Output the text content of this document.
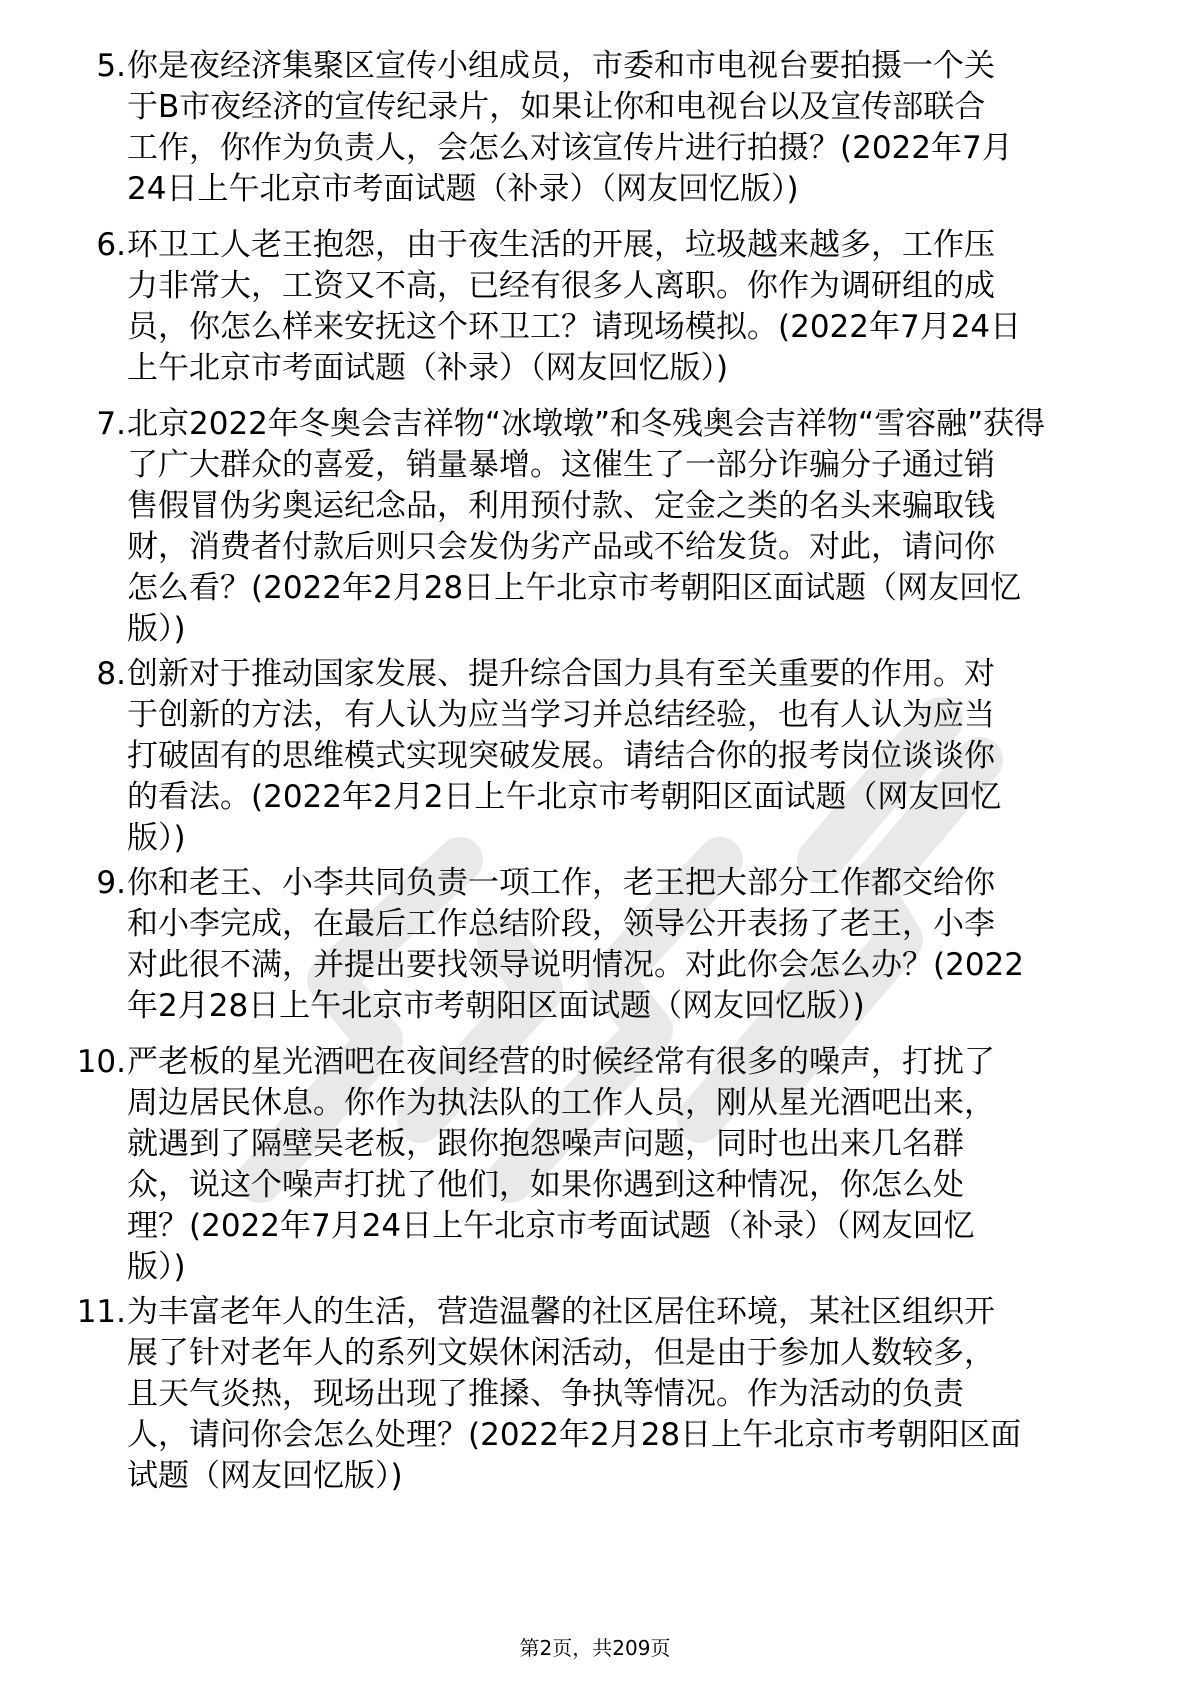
5. 你是夜经济集聚区宣传小组成员，市委和市电视台要拍摄一个关
于B市夜经济的宣传纪录片，如果让你和电视台以及宣传部联合
工作，你作为负责人，会怎么对该宣传片进行拍摄？(2022年7月
24日上午北京市考面试题（补录）（网友回忆版）)
6. 环卫工人老王抱怨，由于夜生活的开展，垃圾越来越多，工作压
力非常大，工资又不高，已经有很多人离职。你作为调研组的成
员，你怎么样来安抚这个环卫工？请现场模拟。(2022年7月24日
上午北京市考面试题（补录）（网友回忆版）)
7. 北京2022年冬奥会吉祥物“冰墩墩”和冬残奥会吉祥物“雪容融”获得
了广大群众的喜爱，销量暴增。这催生了一部分诈骗分子通过销
售假冒伪劣奥运纪念品，利用预付款、定金之类的名头来骗取钱
财，消费者付款后则只会发伪劣产品或不给发货。对此，请问你
怎么看？(2022年2月28日上午北京市考朝阳区面试题（网友回忆
版）)
8. 创新对于推动国家发展、提升综合国力具有至关重要的作用。对
于创新的方法，有人认为应当学习并总结经验，也有人认为应当
打破固有的思维模式实现突破发展。请结合你的报考岗位谈谈你
的看法。(2022年2月2日上午北京市考朝阳区面试题（网友回忆
版）)
9. 你和老王、小李共同负责一项工作，老王把大部分工作都交给你
和小李完成，在最后工作总结阶段，领导公开表扬了老王，小李
对此很不满，并提出要找领导说明情况。对此你会怎么办？(2022
年2月28日上午北京市考朝阳区面试题（网友回忆版）)
10. 严老板的星光酒吧在夜间经营的时候经常有很多的噪声，打扰了
周边居民休息。你作为执法队的工作人员，刚从星光酒吧出来，
就遇到了隔壁吴老板，跟你抱怨噪声问题，同时也出来几名群
众，说这个噪声打扰了他们，如果你遇到这种情况，你怎么处
理？(2022年7月24日上午北京市考面试题（补录）（网友回忆
版）)
11. 为丰富老年人的生活，营造温馨的社区居住环境，某社区组织开
展了针对老年人的系列文娱休闲活动，但是由于参加人数较多，
且天气炎热，现场出现了推搡、争执等情况。作为活动的负责
人，请问你会怎么处理？(2022年2月28日上午北京市考朝阳区面
试题（网友回忆版）)
第2页，共209页
